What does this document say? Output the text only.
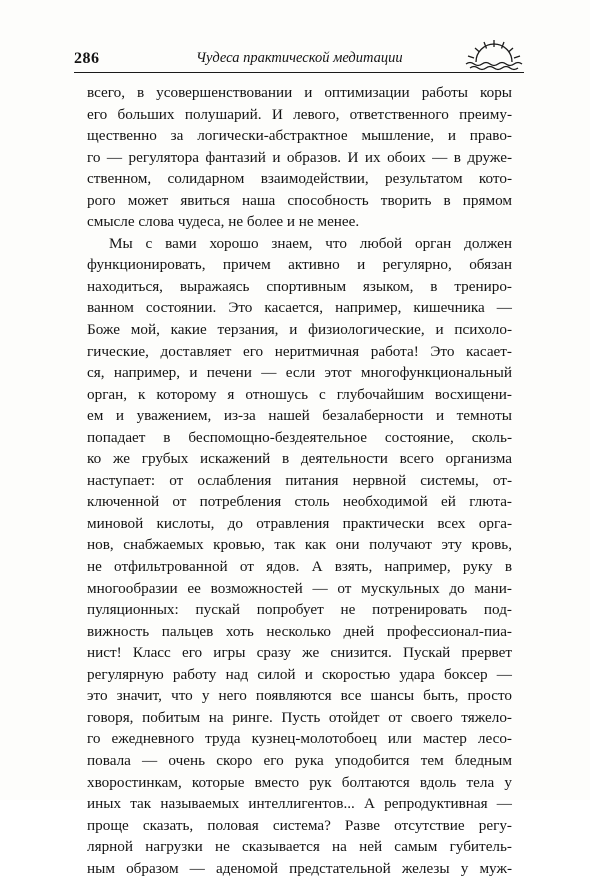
286	Чудеса практической медитации
всего, в усовершенствовании и оптимизации работы коры
его больших полушарий. И левого, ответственного преиму-
щественно за логически-абстрактное мышление, и право-
го — регулятора фантазий и образов. И их обоих — в друже-
ственном, солидарном взаимодействии, результатом кото-
рого может явиться наша способность творить в прямом
смысле слова чудеса, не более и не менее.
Мы с вами хорошо знаем, что любой орган должен
функционировать, причем активно и регулярно, обязан
находиться, выражаясь спортивным языком, в трениро-
ванном состоянии. Это касается, например, кишечника —
Боже мой, какие терзания, и физиологические, и психоло-
гические, доставляет его неритмичная работа! Это касает-
ся, например, и печени — если этот многофункциональный
орган, к которому я отношусь с глубочайшим восхищени-
ем и уважением, из-за нашей безалаберности и темноты
попадает в беспомощно-бездеятельное состояние, сколь-
ко же грубых искажений в деятельности всего организма
наступает: от ослабления питания нервной системы, от-
ключенной от потребления столь необходимой ей глюта-
миновой кислоты, до отравления практически всех орга-
нов, снабжаемых кровью, так как они получают эту кровь,
не отфильтрованной от ядов. А взять, например, руку в
многообразии ее возможностей — от мускульных до мани-
пуляционных: пускай попробует не потренировать под-
вижность пальцев хоть несколько дней профессионал-пиа-
нист! Класс его игры сразу же снизится. Пускай прервет
регулярную работу над силой и скоростью удара боксер —
это значит, что у него появляются все шансы быть, просто
говоря, побитым на ринге. Пусть отойдет от своего тяжело-
го ежедневного труда кузнец-молотобоец или мастер лесо-
повала — очень скоро его рука уподобится тем бледным
хворостинкам, которые вместо рук болтаются вдоль тела у
иных так называемых интеллигентов... А репродуктивная —
проще сказать, половая система? Разве отсутствие регу-
лярной нагрузки не сказывается на ней самым губитель-
ным образом — аденомой предстательной железы у муж-
